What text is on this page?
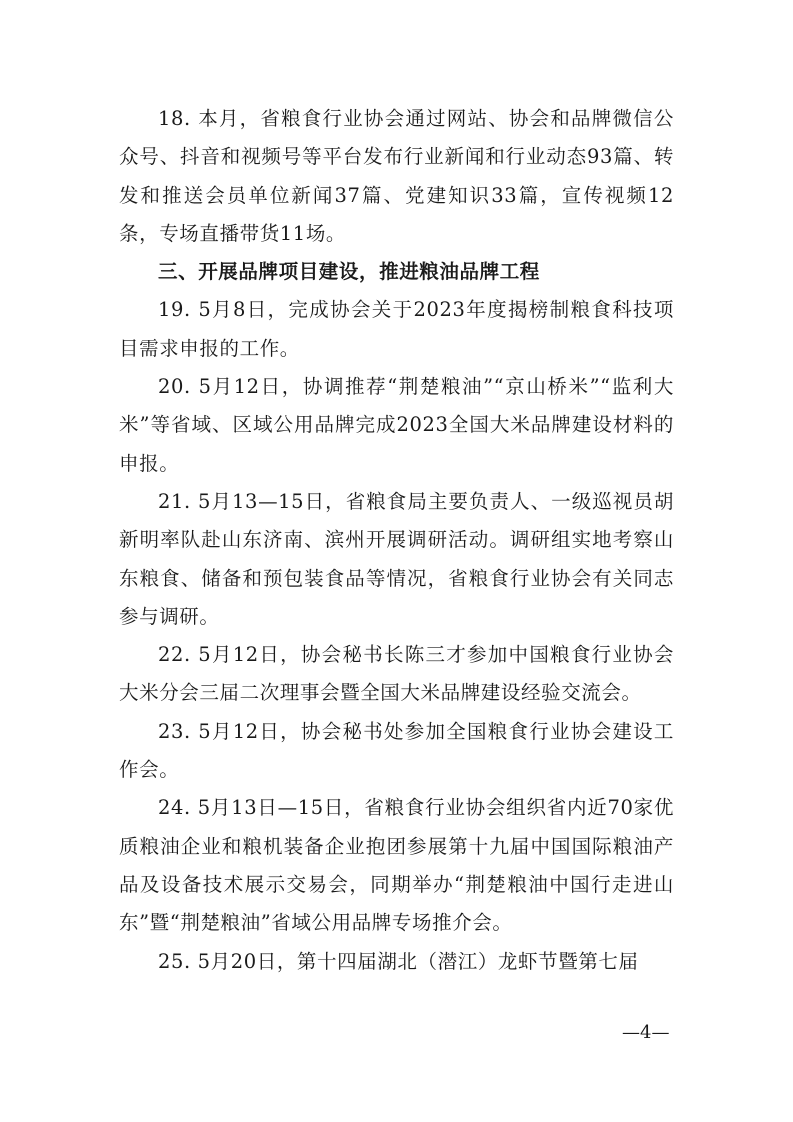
18. 本月，省粮食行业协会通过网站、协会和品牌微信公众号、抖音和视频号等平台发布行业新闻和行业动态93篇、转发和推送会员单位新闻37篇、党建知识33篇，宣传视频12条，专场直播带货11场。

三、开展品牌项目建设，推进粮油品牌工程

19. 5月8日，完成协会关于2023年度揭榜制粮食科技项目需求申报的工作。

20. 5月12日，协调推荐“荆楚粮油”“京山桥米”“监利大米”等省域、区域公用品牌完成2023全国大米品牌建设材料的申报。

21. 5月13—15日，省粮食局主要负责人、一级巡视员胡新明率队赴山东济南、滨州开展调研活动。调研组实地考察山东粮食、储备和预包装食品等情况，省粮食行业协会有关同志参与调研。

22. 5月12日，协会秘书长陈三才参加中国粮食行业协会大米分会三届二次理事会暨全国大米品牌建设经验交流会。

23. 5月12日，协会秘书处参加全国粮食行业协会建设工作会。

24. 5月13日—15日，省粮食行业协会组织省内近70家优质粮油企业和粮机装备企业抱团参展第十九届中国国际粮油产品及设备技术展示交易会，同期举办“荆楚粮油中国行走进山东”暨“荆楚粮油”省域公用品牌专场推介会。

25. 5月20日，第十四届湖北（潜江）龙虾节暨第七届

—4—
